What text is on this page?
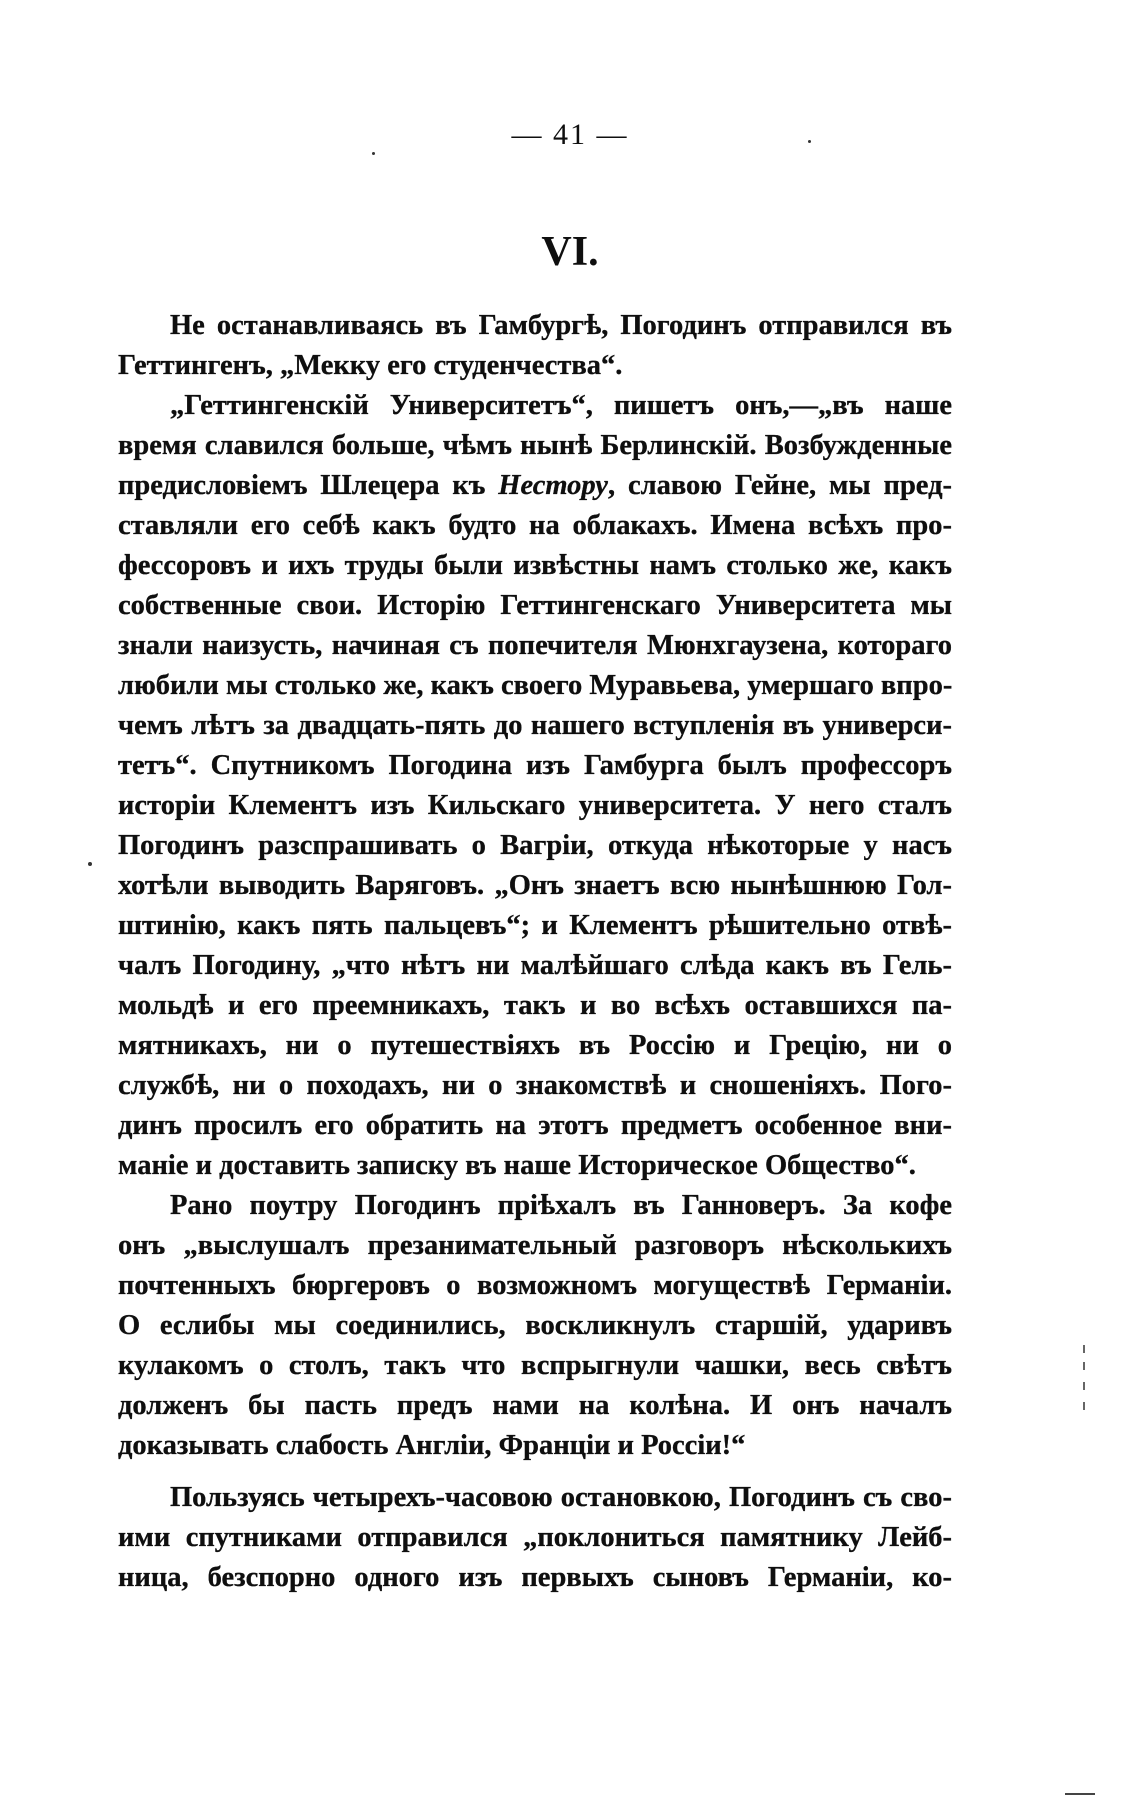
— 41 —
VI.
Не останавливаясь въ Гамбургѣ, Погодинъ отправился въ
Геттингенъ, „Мекку его студенчества“.
„Геттингенскій Университетъ“, пишетъ онъ,—„въ наше
время славился больше, чѣмъ нынѣ Берлинскій. Возбужденные
предисловіемъ Шлецера къ Нестору, славою Гейне, мы пред-
ставляли его себѣ какъ будто на облакахъ. Имена всѣхъ про-
фессоровъ и ихъ труды были извѣстны намъ столько же, какъ
собственные свои. Исторію Геттингенскаго Университета мы
знали наизусть, начиная съ попечителя Мюнхгаузена, котораго
любили мы столько же, какъ своего Муравьева, умершаго впро-
чемъ лѣтъ за двадцать-пять до нашего вступленія въ универси-
тетъ“. Спутникомъ Погодина изъ Гамбурга былъ профессоръ
исторіи Клементъ изъ Кильскаго университета. У него сталъ
Погодинъ разспрашивать о Вагріи, откуда нѣкоторые у насъ
хотѣли выводить Варяговъ. „Онъ знаетъ всю нынѣшнюю Гол-
штинію, какъ пять пальцевъ“; и Клементъ рѣшительно отвѣ-
чалъ Погодину, „что нѣтъ ни малѣйшаго слѣда какъ въ Гель-
мольдѣ и его преемникахъ, такъ и во всѣхъ оставшихся па-
мятникахъ, ни о путешествіяхъ въ Россію и Грецію, ни о
службѣ, ни о походахъ, ни о знакомствѣ и сношеніяхъ. Пого-
динъ просилъ его обратить на этотъ предметъ особенное вни-
маніе и доставить записку въ наше Историческое Общество“.
Рано поутру Погодинъ пріѣхалъ въ Ганноверъ. За кофе
онъ „выслушалъ презанимательный разговоръ нѣсколькихъ
почтенныхъ бюргеровъ о возможномъ могуществѣ Германіи.
О еслибы мы соединились, воскликнулъ старшій, ударивъ
кулакомъ о столъ, такъ что вспрыгнули чашки, весь свѣтъ
долженъ бы пасть предъ нами на колѣна. И онъ началъ
доказывать слабость Англіи, Франціи и Россіи!“
Пользуясь четырехъ-часовою остановкою, Погодинъ съ сво-
ими спутниками отправился „поклониться памятнику Лейб-
ница, безспорно одного изъ первыхъ сыновъ Германіи, ко-
